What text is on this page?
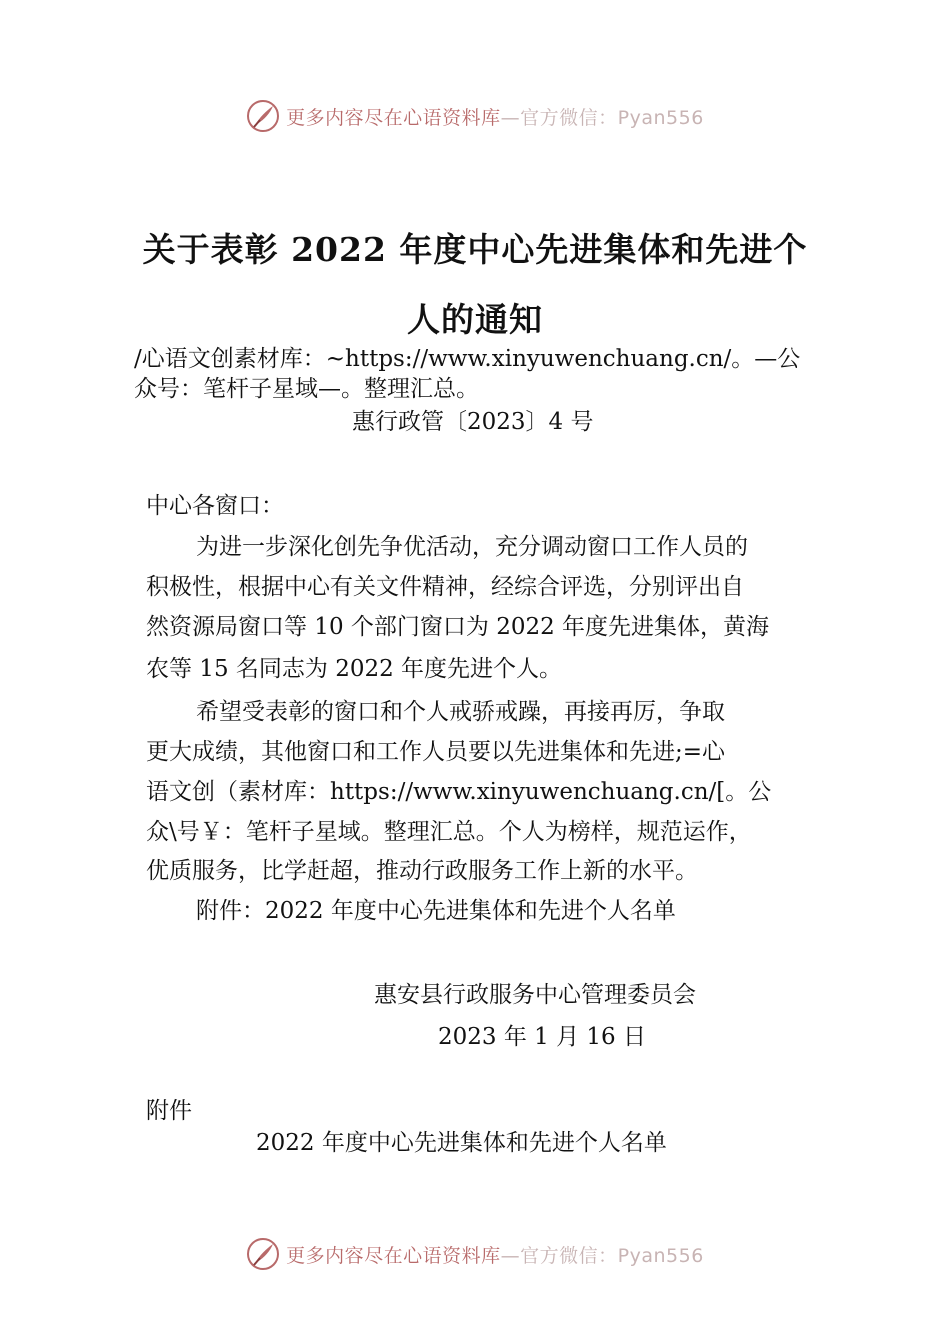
更多内容尽在心语资料库—官方微信：Pyan556
关于表彰 2022 年度中心先进集体和先进个
人的通知
/心语文创素材库：~https://www.xinyuwenchuang.cn/。—公
众号：笔杆子星域—。整理汇总。
惠行政管〔2023〕4 号
中心各窗口：
为进一步深化创先争优活动，充分调动窗口工作人员的
积极性，根据中心有关文件精神，经综合评选，分别评出自
然资源局窗口等 10 个部门窗口为 2022 年度先进集体，黄海
农等 15 名同志为 2022 年度先进个人。
希望受表彰的窗口和个人戒骄戒躁，再接再厉，争取
更大成绩，其他窗口和工作人员要以先进集体和先进;=心
语文创（素材库：https://www.xinyuwenchuang.cn/[。公
众\号￥：笔杆子星域。整理汇总。个人为榜样，规范运作，
优质服务，比学赶超，推动行政服务工作上新的水平。
附件：2022 年度中心先进集体和先进个人名单
惠安县行政服务中心管理委员会
2023 年 1 月 16 日
附件
2022 年度中心先进集体和先进个人名单
更多内容尽在心语资料库—官方微信：Pyan556
